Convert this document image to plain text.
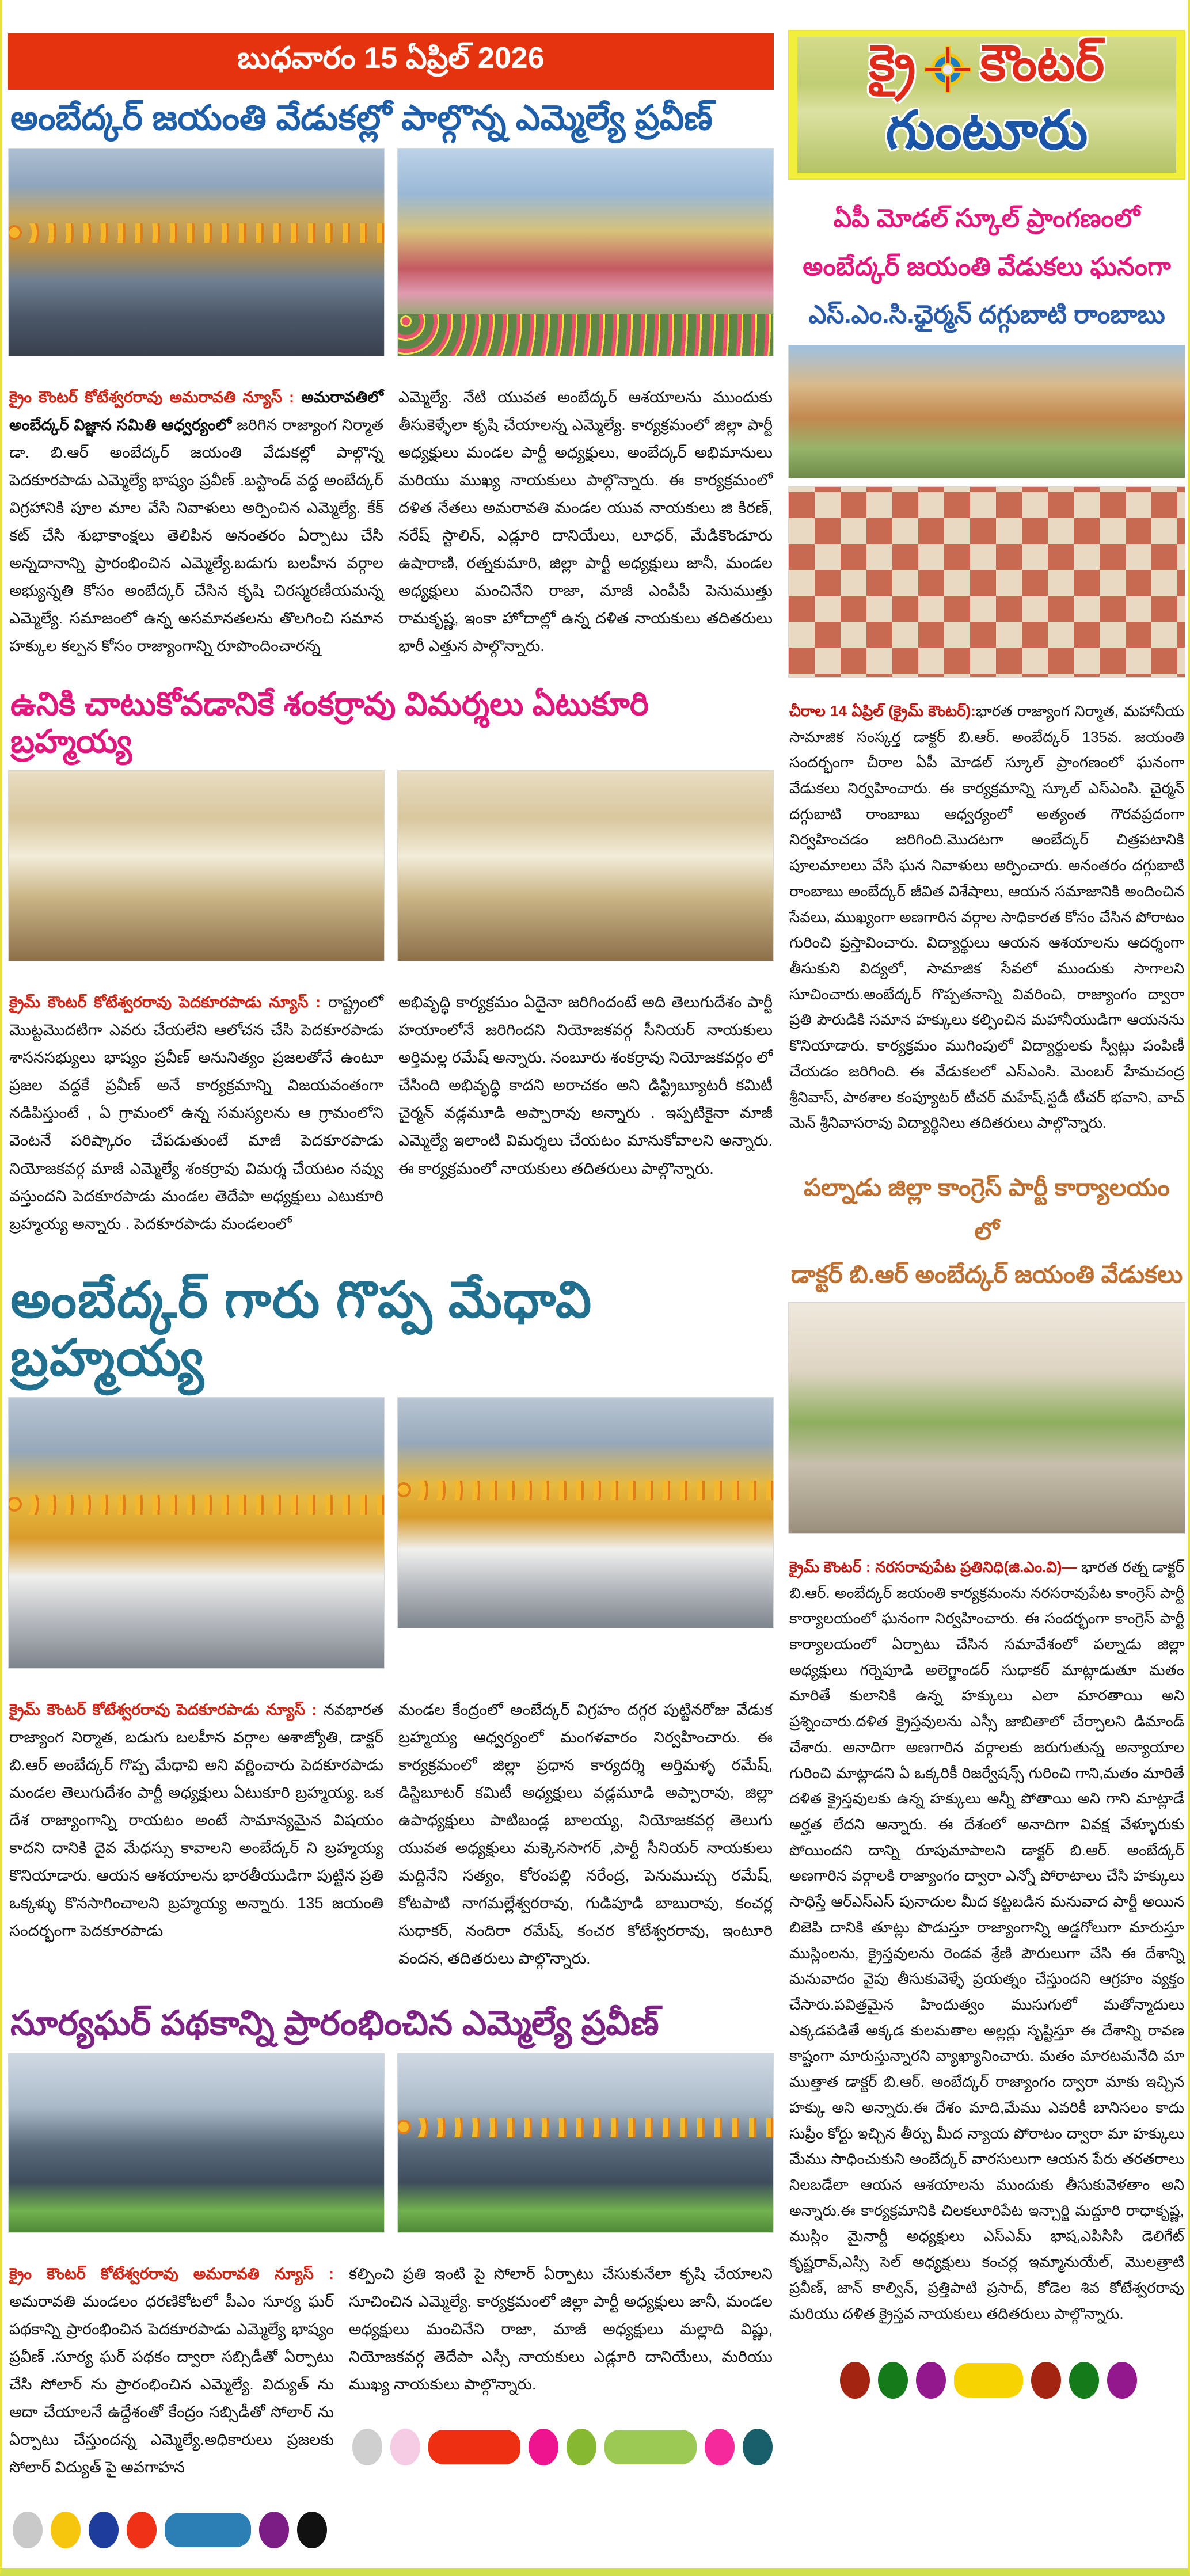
బుధవారం 15 ఏప్రిల్ 2026
అంబేద్కర్ జయంతి వేడుకల్లో పాల్గొన్న ఎమ్మెల్యే ప్రవీణ్

క్రైం కౌంటర్ కోటేశ్వరరావు అమరావతి న్యూస్ : అమరావతిలో అంబేద్కర్ విజ్ఞాన సమితి ఆధ్వర్యంలో జరిగిన రాజ్యాంగ నిర్మాత డా. బి.ఆర్ అంబేద్కర్ జయంతి వేడుకల్లో పాల్గొన్న పెదకూరపాడు ఎమ్మెల్యే భాష్యం ప్రవీణ్ .బస్టాండ్ వద్ద అంబేద్కర్ విగ్రహానికి పూల మాల వేసి నివాళులు అర్పించిన ఎమ్మెల్యే. కేక్ కట్ చేసి శుభాకాంక్షలు తెలిపిన అనంతరం ఏర్పాటు చేసి అన్నదానాన్ని ప్రారంభించిన ఎమ్మెల్యే.బడుగు బలహీన వర్గాల అభ్యున్నతి కోసం అంబేద్కర్ చేసిన కృషి చిరస్మరణీయమన్న ఎమ్మెల్యే. సమాజంలో ఉన్న అసమానతలను తొలగించి సమాన హక్కుల కల్పన కోసం రాజ్యాంగాన్ని రూపొందించారన్న

ఎమ్మెల్యే. నేటి యువత అంబేద్కర్ ఆశయాలను ముందుకు తీసుకెళ్ళేలా కృషి చేయాలన్న ఎమ్మెల్యే. కార్యక్రమంలో జిల్లా పార్టీ అధ్యక్షులు మండల పార్టీ అధ్యక్షులు, అంబేద్కర్ అభిమానులు మరియు ముఖ్య నాయకులు పాల్గొన్నారు. ఈ కార్యక్రమంలో దళిత నేతలు అమరావతి మండల యువ నాయకులు జి కిరణ్, నరేష్ స్టాలిన్, ఎడ్లూరి దానియేలు, లూధర్, మేడికొండూరు ఉషారాణి, రత్నకుమారి, జిల్లా పార్టీ అధ్యక్షులు జానీ, మండల అధ్యక్షులు మంచినేని రాజా, మాజీ ఎంపీపీ పెనుముత్తు రామకృష్ణ, ఇంకా హోదాల్లో ఉన్న దళిత నాయకులు తదితరులు భారీ ఎత్తున పాల్గొన్నారు.

ఉనికి చాటుకోవడానికే శంకర్రావు విమర్శలు ఏటుకూరి బ్రహ్మయ్య

క్రైమ్ కౌంటర్ కోటేశ్వరరావు పెదకూరపాడు న్యూస్ : రాష్ట్రంలో మొట్టమొదటిగా ఎవరు చేయలేని ఆలోచన చేసి పెదకూరపాడు శాసనసభ్యులు భాష్యం ప్రవీణ్ అనునిత్యం ప్రజలతోనే ఉంటూ ప్రజల వద్దకే ప్రవీణ్ అనే కార్యక్రమాన్ని విజయవంతంగా నడిపిస్తుంటే , ఏ గ్రామంలో ఉన్న సమస్యలను ఆ గ్రామంలోని వెంటనే పరిష్కారం చేపడుతుంటే మాజీ పెదకూరపాడు నియోజకవర్గ మాజీ ఎమ్మెల్యే శంకర్రావు విమర్శ చేయటం నవ్వు వస్తుందని పెదకూరపాడు మండల తెదేపా అధ్యక్షులు ఎటుకూరి బ్రహ్మయ్య అన్నారు . పెదకూరపాడు మండలంలో

అభివృద్ధి కార్యక్రమం ఏదైనా జరిగిందంటే అది తెలుగుదేశం పార్టీ హయాంలోనే జరిగిందని నియోజకవర్గ సీనియర్ నాయకులు అర్తిమల్ల రమేష్ అన్నారు. నంబూరు శంకర్రావు నియోజకవర్గం లో చేసింది అభివృద్ధి కాదని అరాచకం అని డిస్ట్రిబ్యూటరీ కమిటీ చైర్మన్ వడ్లమూడి అప్పారావు అన్నారు . ఇప్పటికైనా మాజీ ఎమ్మెల్యే ఇలాంటి విమర్శలు చేయటం మానుకోవాలని అన్నారు. ఈ కార్యక్రమంలో నాయకులు తదితరులు పాల్గొన్నారు.

అంబేద్కర్ గారు గొప్ప మేధావి బ్రహ్మయ్య

క్రైమ్ కౌంటర్ కోటేశ్వరరావు పెదకూరపాడు న్యూస్ : నవభారత రాజ్యాంగ నిర్మాత, బడుగు బలహీన వర్గాల ఆశాజ్యోతి, డాక్టర్ బి.ఆర్ అంబేద్కర్ గొప్ప మేధావి అని వర్ణించారు పెదకూరపాడు మండల తెలుగుదేశం పార్టీ అధ్యక్షులు ఏటుకూరి బ్రహ్మయ్య. ఒక దేశ రాజ్యాంగాన్ని రాయటం అంటే సామాన్యమైన విషయం కాదని దానికి దైవ మేధస్సు కావాలని అంబేద్కర్ ని బ్రహ్మయ్య కొనియాడారు. ఆయన ఆశయాలను భారతీయుడిగా పుట్టిన ప్రతి ఒక్కళ్ళు కొనసాగించాలని బ్రహ్మయ్య అన్నారు. 135 జయంతి సందర్భంగా పెదకూరపాడు

మండల కేంద్రంలో అంబేద్కర్ విగ్రహం దగ్గర పుట్టినరోజు వేడుక బ్రహ్మయ్య ఆధ్వర్యంలో మంగళవారం నిర్వహించారు. ఈ కార్యక్రమంలో జిల్లా ప్రధాన కార్యదర్శి అర్తిమళ్ళ రమేష్, డిస్టిబూటర్ కమిటీ అధ్యక్షులు వడ్లమూడి అప్పారావు, జిల్లా ఉపాధ్యక్షులు పాటిబండ్ల బాలయ్య, నియోజకవర్గ తెలుగు యువత అధ్యక్షులు మక్కెనసాగర్ ,పార్టీ సీనియర్ నాయకులు మద్దినేని సత్యం, కోరంపల్లి నరేంద్ర, పెనుముచ్చు రమేష్, కోటపాటి నాగమల్లేశ్వరరావు, గుడిపూడి బాబురావు, కంచర్ల సుధాకర్, నందిరా రమేష్, కంచర కోటేశ్వరరావు, ఇంటూరి వందన, తదితరులు పాల్గొన్నారు.

సూర్యఘర్ పథకాన్ని ప్రారంభించిన ఎమ్మెల్యే ప్రవీణ్

క్రైం కౌంటర్ కోటేశ్వరరావు అమరావతి న్యూస్ : అమరావతి మండలం ధరణికోటలో పీఎం సూర్య ఘర్ పథకాన్ని ప్రారంభించిన పెదకూరపాడు ఎమ్మెల్యే భాష్యం ప్రవీణ్ .సూర్య ఘర్ పథకం ద్వారా సబ్సిడీతో ఏర్పాటు చేసి సోలార్ ను ప్రారంభించిన ఎమ్మెల్యే. విద్యుత్ ను ఆదా చేయాలనే ఉద్దేశంతో కేంద్రం సబ్సిడీతో సోలార్ ను ఏర్పాటు చేస్తుందన్న ఎమ్మెల్యే.అధికారులు ప్రజలకు సోలార్ విద్యుత్ పై అవగాహన

కల్పించి ప్రతి ఇంటి పై సోలార్ ఏర్పాటు చేసుకునేలా కృషి చేయాలని సూచించిన ఎమ్మెల్యే. కార్యక్రమంలో జిల్లా పార్టీ అధ్యక్షులు జానీ, మండల అధ్యక్షులు మంచినేని రాజా, మాజీ అధ్యక్షులు మల్లాది విష్ణు, నియోజకవర్గ తెదేపా ఎస్సీ నాయకులు ఎడ్లూరి దానియేలు, మరియు ముఖ్య నాయకులు పాల్గొన్నారు.

క్రై కౌంటర్
గుంటూరు
ఏపీ మోడల్ స్కూల్ ప్రాంగణంలో
అంబేద్కర్ జయంతి వేడుకలు ఘనంగా
ఎస్.ఎం.సి.ఛైర్మన్ దగ్గుబాటి రాంబాబు

చీరాల 14 ఏప్రిల్ (క్రైమ్ కౌంటర్):భారత రాజ్యాంగ నిర్మాత, మహానీయ సామాజిక సంస్కర్త డాక్టర్ బి.ఆర్. అంబేద్కర్ 135వ. జయంతి సందర్భంగా చీరాల ఏపీ మోడల్ స్కూల్ ప్రాంగణంలో ఘనంగా వేడుకలు నిర్వహించారు. ఈ కార్యక్రమాన్ని స్కూల్ ఎస్ఎంసి. చైర్మన్ దగ్గుబాటి రాంబాబు ఆధ్వర్యంలో అత్యంత గౌరవప్రదంగా నిర్వహించడం జరిగింది.మొదటగా అంబేద్కర్ చిత్రపటానికి పూలమాలలు వేసి ఘన నివాళులు అర్పించారు. అనంతరం దగ్గుబాటి రాంబాబు అంబేద్కర్ జీవిత విశేషాలు, ఆయన సమాజానికి అందించిన సేవలు, ముఖ్యంగా అణగారిన వర్గాల సాధికారత కోసం చేసిన పోరాటం గురించి ప్రస్తావించారు. విద్యార్థులు ఆయన ఆశయాలను ఆదర్శంగా తీసుకుని విద్యలో, సామాజిక సేవలో ముందుకు సాగాలని సూచించారు.అంబేద్కర్ గొప్పతనాన్ని వివరించి, రాజ్యాంగం ద్వారా ప్రతి పౌరుడికి సమాన హక్కులు కల్పించిన మహానీయుడిగా ఆయనను కొనియాడారు. కార్యక్రమం ముగింపులో విద్యార్థులకు స్వీట్లు పంపిణీ చేయడం జరిగింది. ఈ వేడుకలలో ఎస్ఎంసి. మెంబర్ హేమచంద్ర శ్రీనివాస్, పాఠశాల కంప్యూటర్ టీచర్ మహేష్,స్టడీ టీచర్ భవాని, వాచ్ మెన్ శ్రీనివాసరావు విద్యార్థినిలు తదితరులు పాల్గొన్నారు.

పల్నాడు జిల్లా కాంగ్రెస్ పార్టీ కార్యాలయం లో
డాక్టర్ బి.ఆర్ అంబేద్కర్ జయంతి వేడుకలు

క్రైమ్ కౌంటర్ : నరసరావుపేట ప్రతినిధి(జి.ఎం.వి)— భారత రత్న డాక్టర్ బి.ఆర్. అంబేద్కర్ జయంతి కార్యక్రమంను నరసరావుపేట కాంగ్రెస్ పార్టీ కార్యాలయంలో ఘనంగా నిర్వహించారు. ఈ సందర్భంగా కాంగ్రెస్ పార్టీ కార్యాలయంలో ఏర్పాటు చేసిన సమావేశంలో పల్నాడు జిల్లా అధ్యక్షులు గర్నెపూడి అలెగ్జాండర్ సుధాకర్ మాట్లాడుతూ మతం మారితే కులానికి ఉన్న హక్కులు ఎలా మారతాయి అని ప్రశ్నించారు.దళిత క్రైస్తవులను ఎస్సీ జాబితాలో చేర్చాలని డిమాండ్ చేశారు. అనాదిగా అణగారిన వర్గాలకు జరుగుతున్న అన్యాయాల గురించి మాట్లాడని ఏ ఒక్కరికీ రిజర్వేషన్స్ గురించి గాని,మతం మారితే దళిత క్రైస్తవులకు ఉన్న హక్కులు అన్నీ పోతాయి అని గాని మాట్లాడే అర్హత లేదని అన్నారు. ఈ దేశంలో అనాదిగా వివక్ష వేళ్ళూరుకు పోయిందని దాన్ని రూపుమాపాలని డాక్టర్ బి.ఆర్. అంబేద్కర్ అణగారిన వర్గాలకి రాజ్యాంగం ద్వారా ఎన్నో పోరాటాలు చేసి హక్కులు సాధిస్తే ఆర్ఎస్ఎస్ పునాదుల మీద కట్టబడిన మనువాద పార్టీ అయిన బిజెపి దానికి తూట్లు పొడుస్తూ రాజ్యాంగాన్ని అడ్డగోలుగా మారుస్తూ ముస్లింలను, క్రైస్తవులను రెండవ శ్రేణి పౌరులుగా చేసి ఈ దేశాన్ని మనువాదం వైపు తీసుకువెళ్ళే ప్రయత్నం చేస్తుందని ఆగ్రహం వ్యక్తం చేసారు.పవిత్రమైన హిందుత్వం ముసుగులో మతోన్మాదులు ఎక్కడపడితే అక్కడ కులమతాల అల్లర్లు సృష్టిస్తూ ఈ దేశాన్ని రావణ కాష్టంగా మారుస్తున్నారని వ్యాఖ్యానించారు. మతం మారటమనేది మా ముత్తాత డాక్టర్ బి.ఆర్. అంబేద్కర్ రాజ్యాంగం ద్వారా మాకు ఇచ్చిన హక్కు అని అన్నారు.ఈ దేశం మాది,మేము ఎవరికీ బానిసలం కాదు సుప్రీం కోర్టు ఇచ్చిన తీర్పు మీద న్యాయ పోరాటం ద్వారా మా హక్కులు మేము సాధించుకుని అంబేద్కర్ వారసులుగా ఆయన పేరు తరతరాలు నిలబడేలా ఆయన ఆశయాలను ముందుకు తీసుకువెళతాం అని అన్నారు.ఈ కార్యక్రమానికి చిలకలూరిపేట ఇన్చార్జి మద్దూరి రాధాకృష్ణ, ముస్లిం మైనార్టీ అధ్యక్షులు ఎస్ఎమ్ భాష,ఎపిసిసి డెలిగేట్ కృష్ణరావ్,ఎస్సి సెల్ అధ్యక్షులు కంచర్ల ఇమ్మానుయేల్, మొలత్రాటి ప్రవీణ్, జాన్ కాల్విన్, ప్రత్తిపాటి ప్రసాద్, కోడెల శివ కోటేశ్వరరావు మరియు దళిత క్రైస్తవ నాయకులు తదితరులు పాల్గొన్నారు.
